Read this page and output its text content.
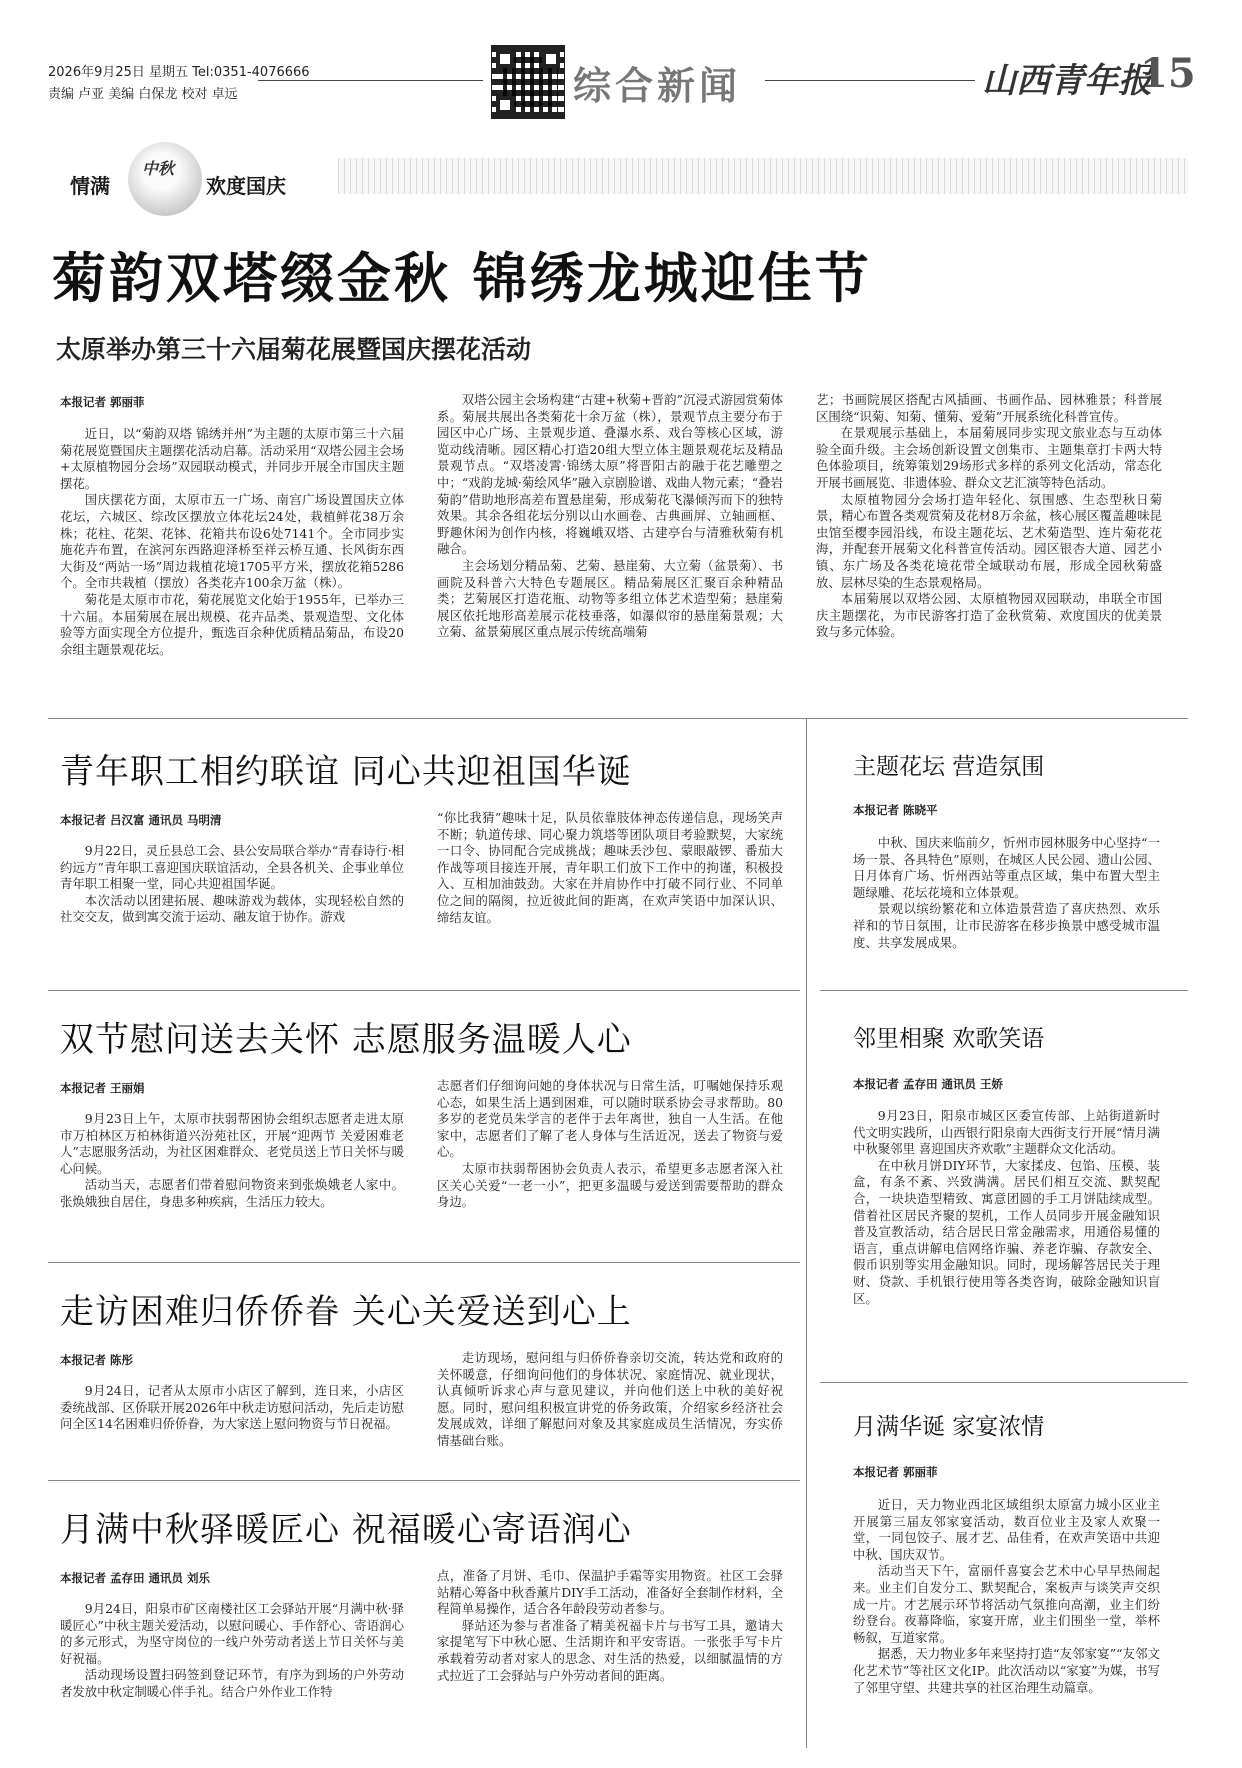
2026年9月25日 星期五 Tel:0351-4076666
责编 卢亚 美编 白保龙 校对 卓远	综合新闻	山西青年报
15
情满
中秋
欢度国庆
菊韵双塔缀金秋 锦绣龙城迎佳节
太原举办第三十六届菊花展暨国庆摆花活动
本报记者 郭丽菲

近日，以“菊韵双塔 锦绣并州”为主题的太原市第三十六届菊花展览暨国庆主题摆花活动启幕。活动采用“双塔公园主会场+太原植物园分会场”双园联动模式，并同步开展全市国庆主题摆花。

国庆摆花方面，太原市五一广场、南宫广场设置国庆立体花坛，六城区、综改区摆放立体花坛24处，栽植鲜花38万余株；花柱、花架、花钵、花箱共布设6处7141个。全市同步实施花卉布置，在滨河东西路迎泽桥至祥云桥互通、长风街东西大街及“两站一场”周边栽植花境1705平方米，摆放花箱5286个。全市共栽植（摆放）各类花卉100余万盆（株）。

菊花是太原市市花，菊花展览文化始于1955年，已举办三十六届。本届菊展在展出规模、花卉品类、景观造型、文化体验等方面实现全方位提升，甄选百余种优质精品菊品，布设20余组主题景观花坛。

双塔公园主会场构建“古建+秋菊+晋韵”沉浸式游园赏菊体系。菊展共展出各类菊花十余万盆（株），景观节点主要分布于园区中心广场、主景观步道、叠瀑水系、戏台等核心区域，游览动线清晰。园区精心打造20组大型立体主题景观花坛及精品景观节点。“双塔凌霄·锦绣太原”将晋阳古韵融于花艺雕塑之中；“戏韵龙城·菊绘风华”融入京剧脸谱、戏曲人物元素；“叠岩菊韵”借助地形高差布置悬崖菊，形成菊花飞瀑倾泻而下的独特效果。其余各组花坛分别以山水画卷、古典画屏、立轴画框、野趣休闲为创作内核，将巍峨双塔、古建亭台与清雅秋菊有机融合。

主会场划分精品菊、艺菊、悬崖菊、大立菊（盆景菊）、书画院及科普六大特色专题展区。精品菊展区汇聚百余种精品类；艺菊展区打造花瓶、动物等多组立体艺术造型菊；悬崖菊展区依托地形高差展示花枝垂落，如瀑似帘的悬崖菊景观；大立菊、盆景菊展区重点展示传统高端菊

艺；书画院展区搭配古风插画、书画作品、园林雅景；科普展区围绕“识菊、知菊、懂菊、爱菊”开展系统化科普宣传。

在景观展示基础上，本届菊展同步实现文旅业态与互动体验全面升级。主会场创新设置文创集市、主题集章打卡两大特色体验项目，统筹策划29场形式多样的系列文化活动，常态化开展书画展览、非遗体验、群众文艺汇演等特色活动。

太原植物园分会场打造年轻化、氛围感、生态型秋日菊景，精心布置各类观赏菊及花材8万余盆，核心展区覆盖趣味昆虫馆至樱李园沿线，布设主题花坛、艺术菊造型、连片菊花花海，并配套开展菊文化科普宣传活动。园区银杏大道、园艺小镇、东广场及各类花境花带全域联动布展，形成全园秋菊盛放、层林尽染的生态景观格局。

本届菊展以双塔公园、太原植物园双园联动，串联全市国庆主题摆花，为市民游客打造了金秋赏菊、欢度国庆的优美景致与多元体验。

青年职工相约联谊 同心共迎祖国华诞
本报记者 吕汉富 通讯员 马明清

9月22日，灵丘县总工会、县公安局联合举办“青春诗行·相约远方”青年职工喜迎国庆联谊活动，全县各机关、企事业单位青年职工相聚一堂，同心共迎祖国华诞。

本次活动以团建拓展、趣味游戏为载体，实现轻松自然的社交交友，做到寓交流于运动、融友谊于协作。游戏

“你比我猜”趣味十足，队员依靠肢体神态传递信息，现场笑声不断；轨道传球、同心聚力筑塔等团队项目考验默契，大家统一口令、协同配合完成挑战；趣味丢沙包、蒙眼敲锣、番茄大作战等项目接连开展，青年职工们放下工作中的拘谨，积极投入、互相加油鼓劲。大家在并肩协作中打破不同行业、不同单位之间的隔阂，拉近彼此间的距离，在欢声笑语中加深认识、缔结友谊。

双节慰问送去关怀 志愿服务温暖人心
本报记者 王丽娟

9月23日上午，太原市扶弱帮困协会组织志愿者走进太原市万柏林区万柏林街道兴汾苑社区，开展“迎两节 关爱困难老人”志愿服务活动，为社区困难群众、老党员送上节日关怀与暖心问候。

活动当天，志愿者们带着慰问物资来到张焕娥老人家中。张焕娥独自居住，身患多种疾病，生活压力较大。

志愿者们仔细询问她的身体状况与日常生活，叮嘱她保持乐观心态，如果生活上遇到困难，可以随时联系协会寻求帮助。80多岁的老党员朱学言的老伴于去年离世，独自一人生活。在他家中，志愿者们了解了老人身体与生活近况，送去了物资与爱心。

太原市扶弱帮困协会负责人表示，希望更多志愿者深入社区关心关爱“一老一小”，把更多温暖与爱送到需要帮助的群众身边。

走访困难归侨侨眷 关心关爱送到心上
本报记者 陈彤

9月24日，记者从太原市小店区了解到，连日来，小店区委统战部、区侨联开展2026年中秋走访慰问活动，先后走访慰问全区14名困难归侨侨眷，为大家送上慰问物资与节日祝福。

走访现场，慰问组与归侨侨眷亲切交流，转达党和政府的关怀暖意，仔细询问他们的身体状况、家庭情况、就业现状，认真倾听诉求心声与意见建议，并向他们送上中秋的美好祝愿。同时，慰问组积极宣讲党的侨务政策，介绍家乡经济社会发展成效，详细了解慰问对象及其家庭成员生活情况，夯实侨情基础台账。

月满中秋驿暖匠心 祝福暖心寄语润心
本报记者 孟存田 通讯员 刘乐

9月24日，阳泉市矿区南楼社区工会驿站开展“月满中秋·驿暖匠心”中秋主题关爱活动，以慰问暖心、手作舒心、寄语润心的多元形式，为坚守岗位的一线户外劳动者送上节日关怀与美好祝福。

活动现场设置扫码签到登记环节，有序为到场的户外劳动者发放中秋定制暖心伴手礼。结合户外作业工作特

点，准备了月饼、毛巾、保温护手霜等实用物资。社区工会驿站精心筹备中秋香薰片DIY手工活动，准备好全套制作材料，全程简单易操作，适合各年龄段劳动者参与。

驿站还为参与者准备了精美祝福卡片与书写工具，邀请大家提笔写下中秋心愿、生活期许和平安寄语。一张张手写卡片承载着劳动者对家人的思念、对生活的热爱，以细腻温情的方式拉近了工会驿站与户外劳动者间的距离。

主题花坛 营造氛围
本报记者 陈晓平

中秋、国庆来临前夕，忻州市园林服务中心坚持“一场一景、各具特色”原则，在城区人民公园、遗山公园、日月体育广场、忻州西站等重点区域，集中布置大型主题绿雕、花坛花境和立体景观。

景观以缤纷繁花和立体造景营造了喜庆热烈、欢乐祥和的节日氛围，让市民游客在移步换景中感受城市温度、共享发展成果。

邻里相聚 欢歌笑语
本报记者 孟存田 通讯员 王娇

9月23日，阳泉市城区区委宣传部、上站街道新时代文明实践所，山西银行阳泉南大西街支行开展“情月满中秋聚邻里 喜迎国庆齐欢歌”主题群众文化活动。

在中秋月饼DIY环节，大家揉皮、包馅、压模、装盒，有条不紊、兴致满满。居民们相互交流、默契配合，一块块造型精致、寓意团圆的手工月饼陆续成型。借着社区居民齐聚的契机，工作人员同步开展金融知识普及宣教活动，结合居民日常金融需求，用通俗易懂的语言，重点讲解电信网络诈骗、养老诈骗、存款安全、假币识别等实用金融知识。同时，现场解答居民关于理财、贷款、手机银行使用等各类咨询，破除金融知识盲区。

月满华诞 家宴浓情
本报记者 郭丽菲

近日，天力物业西北区域组织太原富力城小区业主开展第三届友邻家宴活动，数百位业主及家人欢聚一堂，一同包饺子、展才艺、品佳肴，在欢声笑语中共迎中秋、国庆双节。

活动当天下午，富丽仟喜宴会艺术中心早早热闹起来。业主们自发分工、默契配合，案板声与谈笑声交织成一片。才艺展示环节将活动气氛推向高潮，业主们纷纷登台。夜幕降临，家宴开席，业主们围坐一堂，举杯畅叙，互道家常。

据悉，天力物业多年来坚持打造“友邻家宴”“友邻文化艺术节”等社区文化IP。此次活动以“家宴”为媒，书写了邻里守望、共建共享的社区治理生动篇章。
